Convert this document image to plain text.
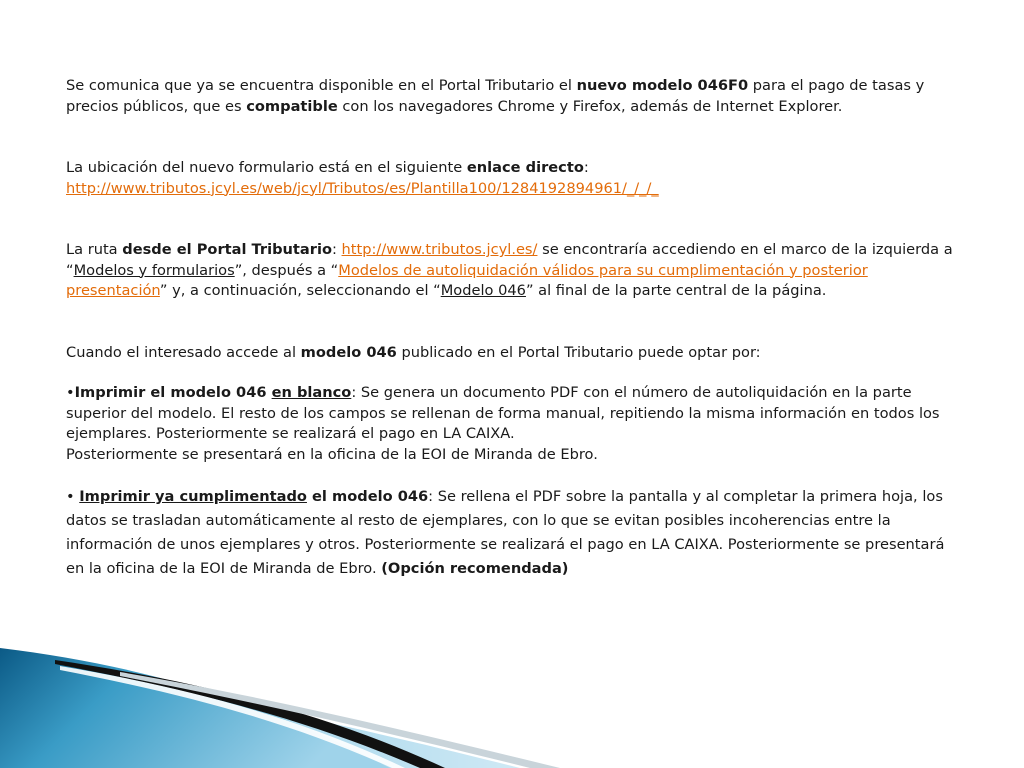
Se comunica que ya se encuentra disponible en el Portal Tributario el nuevo modelo 046F0 para el pago de tasas y precios públicos, que es compatible con los navegadores Chrome y Firefox, además de Internet Explorer.

La ubicación del nuevo formulario está en el siguiente enlace directo:
http://www.tributos.jcyl.es/web/jcyl/Tributos/es/Plantilla100/1284192894961/_/_/_

La ruta desde el Portal Tributario: http://www.tributos.jcyl.es/ se encontraría accediendo en el marco de la izquierda a “Modelos y formularios”, después a “Modelos de autoliquidación válidos para su cumplimentación y posterior presentación” y, a continuación, seleccionando el “Modelo 046” al final de la parte central de la página.

Cuando el interesado accede al modelo 046 publicado en el Portal Tributario puede optar por:

•Imprimir el modelo 046 en blanco: Se genera un documento PDF con el número de autoliquidación en la parte superior del modelo. El resto de los campos se rellenan de forma manual, repitiendo la misma información en todos los ejemplares. Posteriormente se realizará el pago en LA CAIXA.
Posteriormente se presentará en la oficina de la EOI de Miranda de Ebro.

• Imprimir ya cumplimentado el modelo 046: Se rellena el PDF sobre la pantalla y al completar la primera hoja, los datos se trasladan automáticamente al resto de ejemplares, con lo que se evitan posibles incoherencias entre la información de unos ejemplares y otros. Posteriormente se realizará el pago en LA CAIXA. Posteriormente se presentará en la oficina de la EOI de Miranda de Ebro. (Opción recomendada)
